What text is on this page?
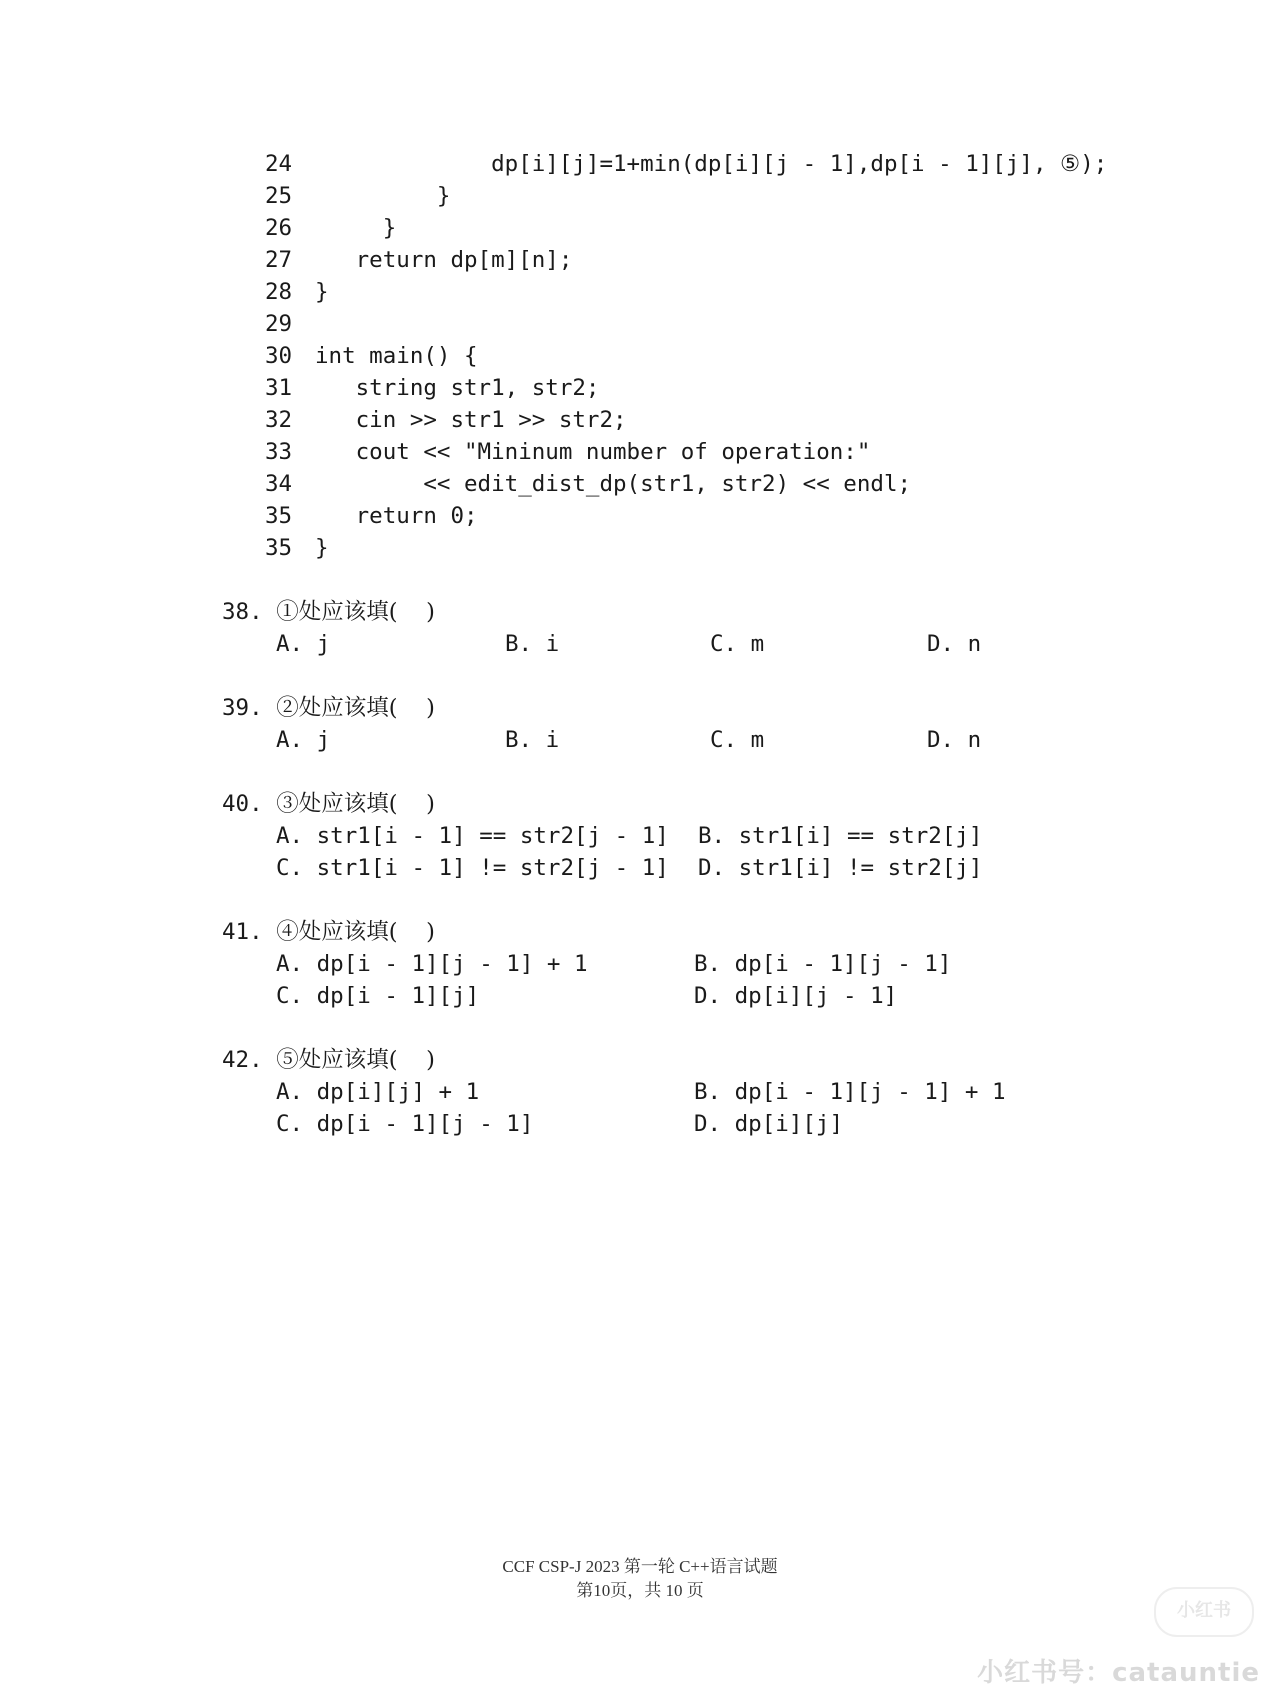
24             dp[i][j]=1+min(dp[i][j - 1],dp[i - 1][j], ⑤);
25         }
26     }
27   return dp[m][n];
28 }
29
30 int main() {
31   string str1, str2;
32   cin >> str1 >> str2;
33   cout << "Mininum number of operation:"
34        << edit_dist_dp(str1, str2) << endl;
35   return 0;
35 }
38. ①处应该填(    )
A. j	B. i	C. m	D. n
39. ②处应该填(    )
A. j	B. i	C. m	D. n
40. ③处应该填(    )
A. str1[i - 1] == str2[j - 1] B. str1[i] == str2[j]
C. str1[i - 1] != str2[j - 1] D. str1[i] != str2[j]
41. ④处应该填(    )
A. dp[i - 1][j - 1] + 1	B. dp[i - 1][j - 1]
C. dp[i - 1][j]	D. dp[i][j - 1]
42. ⑤处应该填(    )
A. dp[i][j] + 1	B. dp[i - 1][j - 1] + 1
C. dp[i - 1][j - 1]	D. dp[i][j]
CCF CSP-J 2023 第一轮 C++语言试题
第10页，共 10 页
小红书
小红书号：catauntie
